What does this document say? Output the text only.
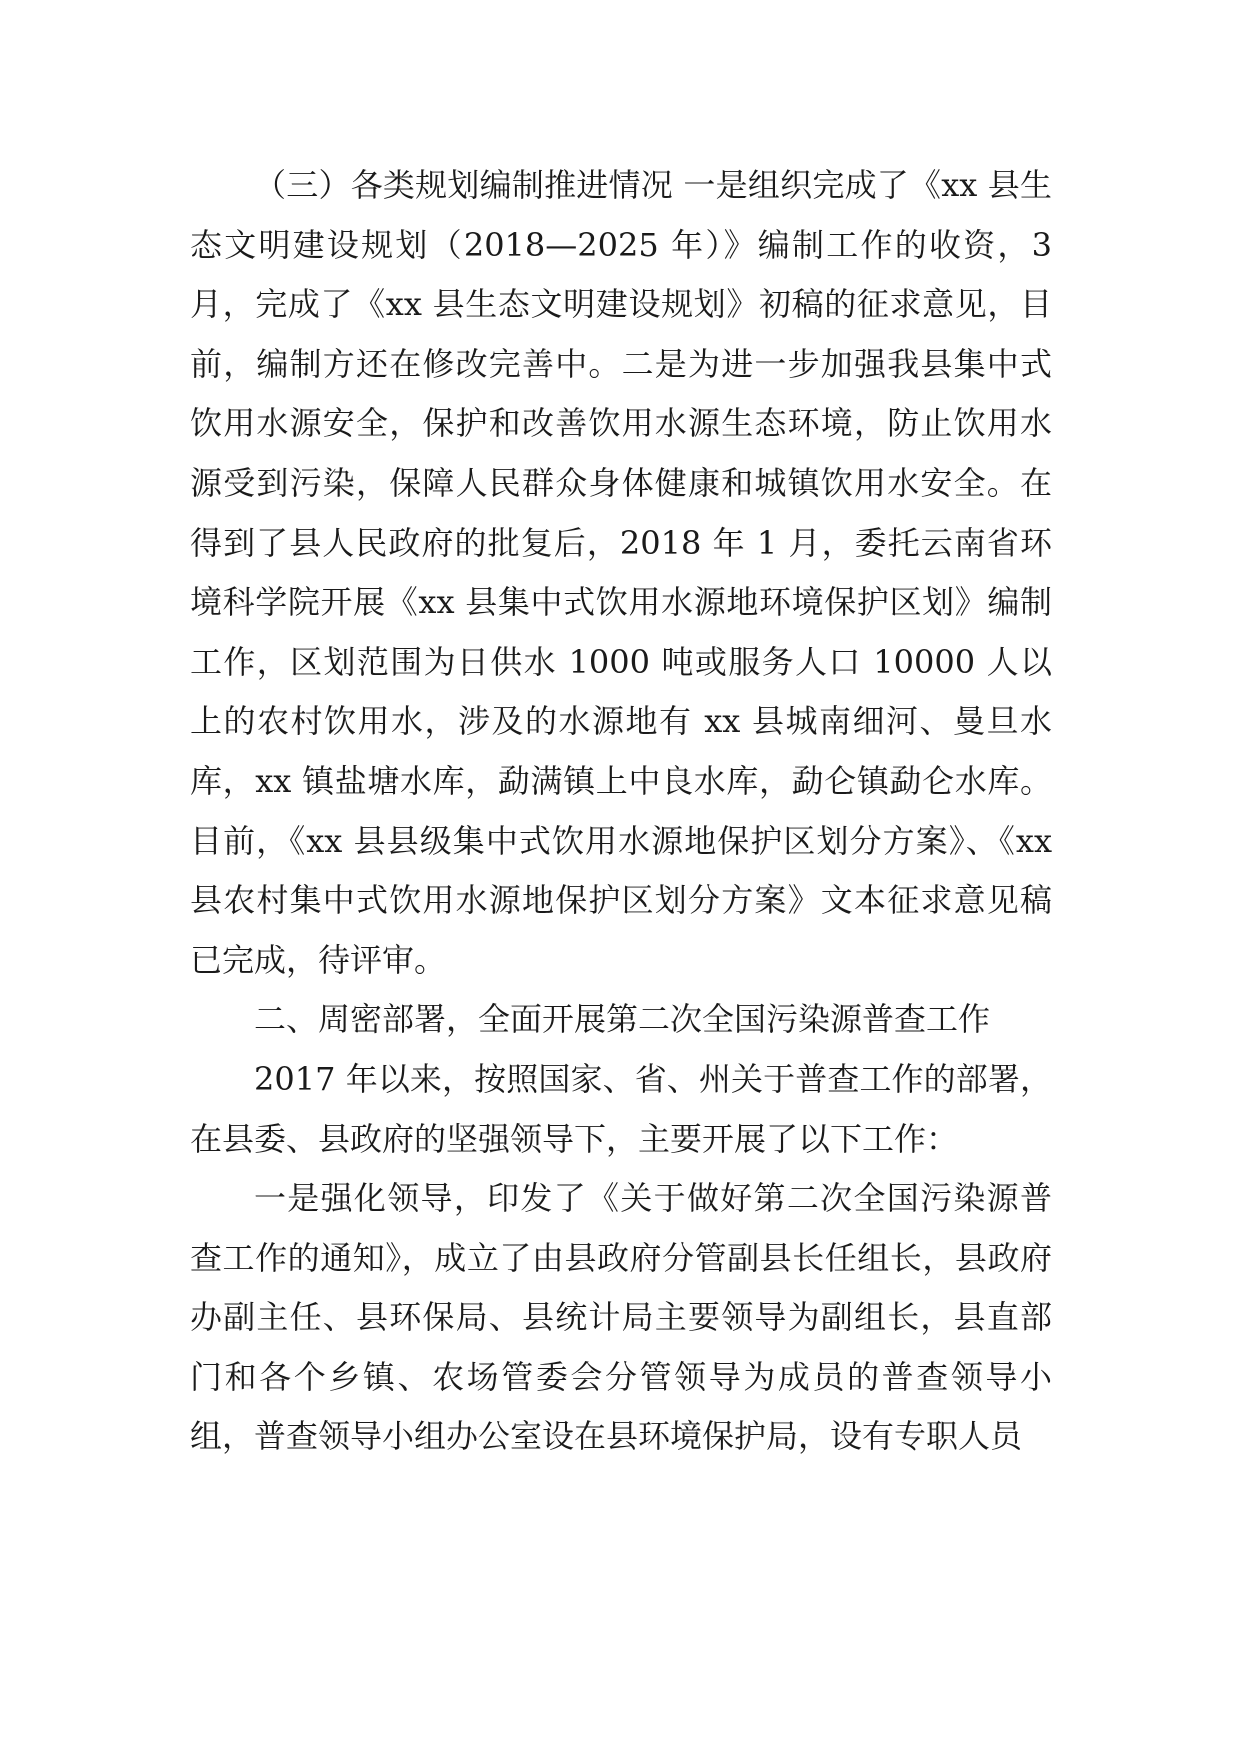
（三）各类规划编制推进情况 一是组织完成了《xx 县生态文明建设规划（2018—2025 年）》编制工作的收资，3 月，完成了《xx 县生态文明建设规划》初稿的征求意见，目前，编制方还在修改完善中。二是为进一步加强我县集中式饮用水源安全，保护和改善饮用水源生态环境，防止饮用水源受到污染，保障人民群众身体健康和城镇饮用水安全。在得到了县人民政府的批复后，2018 年 1 月，委托云南省环境科学院开展《xx 县集中式饮用水源地环境保护区划》编制工作，区划范围为日供水 1000 吨或服务人口 10000 人以上的农村饮用水，涉及的水源地有 xx 县城南细河、曼旦水库，xx 镇盐塘水库，勐满镇上中良水库，勐仑镇勐仑水库。目前，《xx 县县级集中式饮用水源地保护区划分方案》、《xx 县农村集中式饮用水源地保护区划分方案》文本征求意见稿已完成，待评审。

二、周密部署，全面开展第二次全国污染源普查工作

2017 年以来，按照国家、省、州关于普查工作的部署，在县委、县政府的坚强领导下，主要开展了以下工作：

一是强化领导，印发了《关于做好第二次全国污染源普查工作的通知》，成立了由县政府分管副县长任组长，县政府办副主任、县环保局、县统计局主要领导为副组长，县直部门和各个乡镇、农场管委会分管领导为成员的普查领导小组，普查领导小组办公室设在县环境保护局，设有专职人员
